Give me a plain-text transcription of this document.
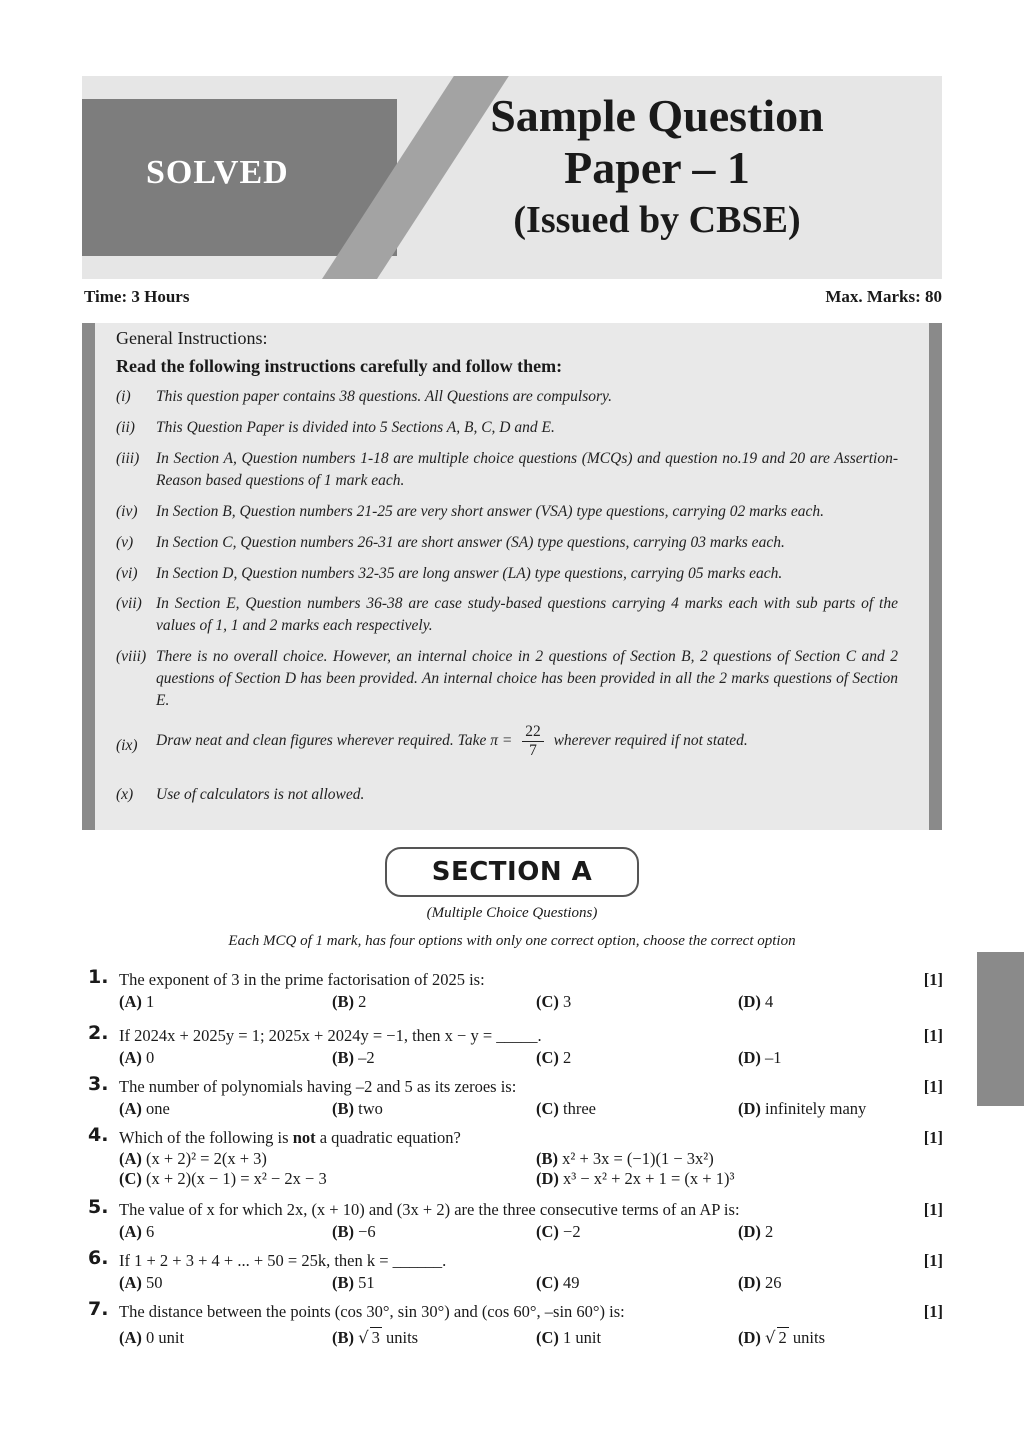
SOLVED
Sample Question
Paper – 1
(Issued by CBSE)
Time: 3 Hours	Max. Marks: 80
General Instructions:
Read the following instructions carefully and follow them:
(i)	This question paper contains 38 questions. All Questions are compulsory.
(ii)	This Question Paper is divided into 5 Sections A, B, C, D and E.
(iii)	In Section A, Question numbers 1-18 are multiple choice questions (MCQs) and question no.19 and 20 are Assertion- Reason based questions of 1 mark each.
(iv)	In Section B, Question numbers 21-25 are very short answer (VSA) type questions, carrying 02 marks each.
(v)	In Section C, Question numbers 26-31 are short answer (SA) type questions, carrying 03 marks each.
(vi)	In Section D, Question numbers 32-35 are long answer (LA) type questions, carrying 05 marks each.
(vii) In Section E, Question numbers 36-38 are case study-based questions carrying 4 marks each with sub parts of the values of 1, 1 and 2 marks each respectively.
(viii) There is no overall choice. However, an internal choice in 2 questions of Section B, 2 questions of Section C and 2 questions of Section D has been provided. An internal choice has been provided in all the 2 marks questions of Section E.
(ix)	Draw neat and clean figures wherever required. Take $\pi = \frac{22}{7}$ wherever required if not stated.
(x)	Use of calculators is not allowed.
SECTION A
(Multiple Choice Questions)
Each MCQ of 1 mark, has four options with only one correct option, choose the correct option
1. The exponent of 3 in the prime factorisation of 2025 is:	[1]
(A) 1	(B) 2	(C) 3	(D) 4
2. If 2024x + 2025y = 1; 2025x + 2024y = −1, then x − y = _____.	[1]
(A) 0	(B) –2	(C) 2	(D) –1
3. The number of polynomials having –2 and 5 as its zeroes is:	[1]
(A) one	(B) two	(C) three	(D) infinitely many
4. Which of the following is not a quadratic equation?	[1]
(A) (x + 2)² = 2(x + 3)	(B) x² + 3x = (−1)(1 − 3x²)
(C) (x + 2)(x − 1) = x² − 2x − 3	(D) x³ − x² + 2x + 1 = (x + 1)³
5. The value of x for which 2x, (x + 10) and (3x + 2) are the three consecutive terms of an AP is:	[1]
(A) 6	(B) −6	(C) −2	(D) 2
6. If 1 + 2 + 3 + 4 + ... + 50 = 25k, then k = ______.	[1]
(A) 50	(B) 51	(C) 49	(D) 26
7. The distance between the points (cos 30°, sin 30°) and (cos 60°, –sin 60°) is:	[1]
(A) 0 unit	(B) √ 3 units	(C) 1 unit	(D) √ 2 units
